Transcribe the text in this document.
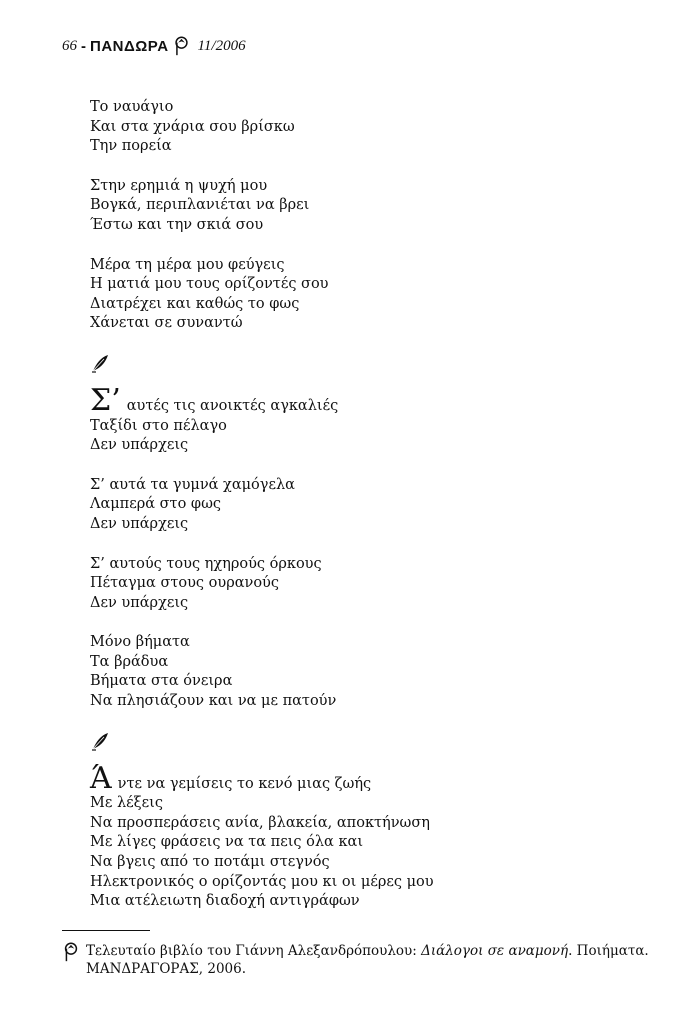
66 - ΠΑΝΔΩΡΑ 11/2006

Το ναυάγιο

Και στα χνάρια σου βρίσκω

Την πορεία

Στην ερημιά η ψυχή μου

Βογκά, περιπλανιέται να βρει

Έστω και την σκιά σου

Μέρα τη μέρα μου φεύγεις

Η ματιά μου τους ορίζοντές σου

Διατρέχει και καθώς το φως

Χάνεται σε συναντώ

Σ’ αυτές τις ανοικτές αγκαλιές

Ταξίδι στο πέλαγο

Δεν υπάρχεις

Σ’ αυτά τα γυμνά χαμόγελα

Λαμπερά στο φως

Δεν υπάρχεις

Σ’ αυτούς τους ηχηρούς όρκους

Πέταγμα στους ουρανούς

Δεν υπάρχεις

Μόνο βήματα

Τα βράδυα

Βήματα στα όνειρα

Να πλησιάζουν και να με πατούν

Ά ντε να γεμίσεις το κενό μιας ζωής

Με λέξεις

Να προσπεράσεις ανία, βλακεία, αποκτήνωση

Με λίγες φράσεις να τα πεις όλα και

Να βγεις από το ποτάμι στεγνός

Ηλεκτρονικός ο ορίζοντάς μου κι οι μέρες μου

Μια ατέλειωτη διαδοχή αντιγράφων

Τελευταίο βιβλίο του Γιάννη Αλεξανδρόπουλου: Διάλογοι σε αναμονή. Ποιήματα.
ΜΑΝΔΡΑΓΟΡΑΣ, 2006.
